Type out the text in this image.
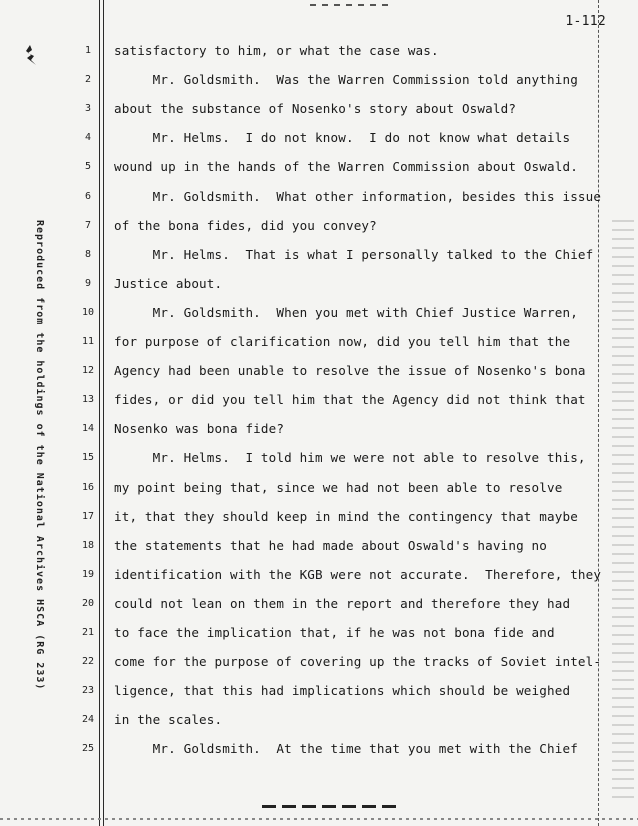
1-112
Reproduced from the holdings of the National Archives HSCA (RG 233)
1	satisfactory to him, or what the case was.
2	Mr. Goldsmith.  Was the Warren Commission told anything
3	about the substance of Nosenko's story about Oswald?
4	Mr. Helms.  I do not know.  I do not know what details
5	wound up in the hands of the Warren Commission about Oswald.
6	Mr. Goldsmith.  What other information, besides this issue
7	of the bona fides, did you convey?
8	Mr. Helms.  That is what I personally talked to the Chief
9	Justice about.
10 Mr. Goldsmith.  When you met with Chief Justice Warren,
11 for purpose of clarification now, did you tell him that the
12 Agency had been unable to resolve the issue of Nosenko's bona
13 fides, or did you tell him that the Agency did not think that
14 Nosenko was bona fide?
15 Mr. Helms.  I told him we were not able to resolve this,
16 my point being that, since we had not been able to resolve
17 it, that they should keep in mind the contingency that maybe
18 the statements that he had made about Oswald's having no
19 identification with the KGB were not accurate.  Therefore, they
20 could not lean on them in the report and therefore they had
21 to face the implication that, if he was not bona fide and
22 come for the purpose of covering up the tracks of Soviet intel-
23 ligence, that this had implications which should be weighed
24 in the scales.
25 Mr. Goldsmith.  At the time that you met with the Chief
